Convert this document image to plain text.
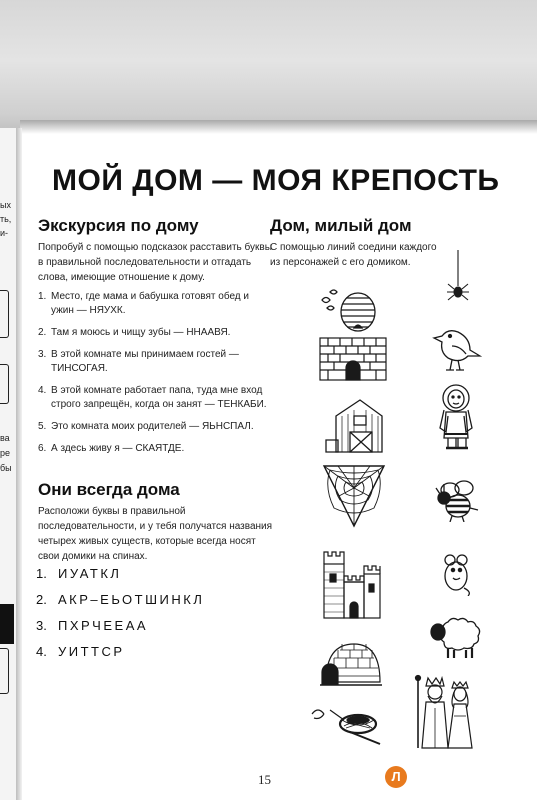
ых
ть,
и-
ва
ре
бы
МОЙ ДОМ — МОЯ КРЕПОСТЬ
Экскурсия по дому

Попробуй с помощью подсказок расставить буквы в правильной последовательности и отгадать слова, имеющие отношение к дому.

1. Место, где мама и бабушка готовят обед и ужин — НЯУХК.
2. Там я моюсь и чищу зубы — ННААВЯ.
3. В этой комнате мы принимаем гостей — ТИНСОГАЯ.
4. В этой комнате работает папа, туда мне вход строго запрещён, когда он занят — ТЕНКАБИ.
5. Это комната моих родителей — ЯЬНСПАЛ.
6. А здесь живу я — СКАЯТДЕ.
Они всегда дома

Расположи буквы в правильной последовательности, и у тебя получатся названия четырех живых существ, которые всегда носят свои домики на спинах.

1. ИУАТКЛ
2. АКР–ЕЬОТШИНКЛ
3. ПХРЧЕЕАА
4. УИТТСР
Дом, милый дом

С помощью линий соедини каждого из персонажей с его домиком.

15	Л
